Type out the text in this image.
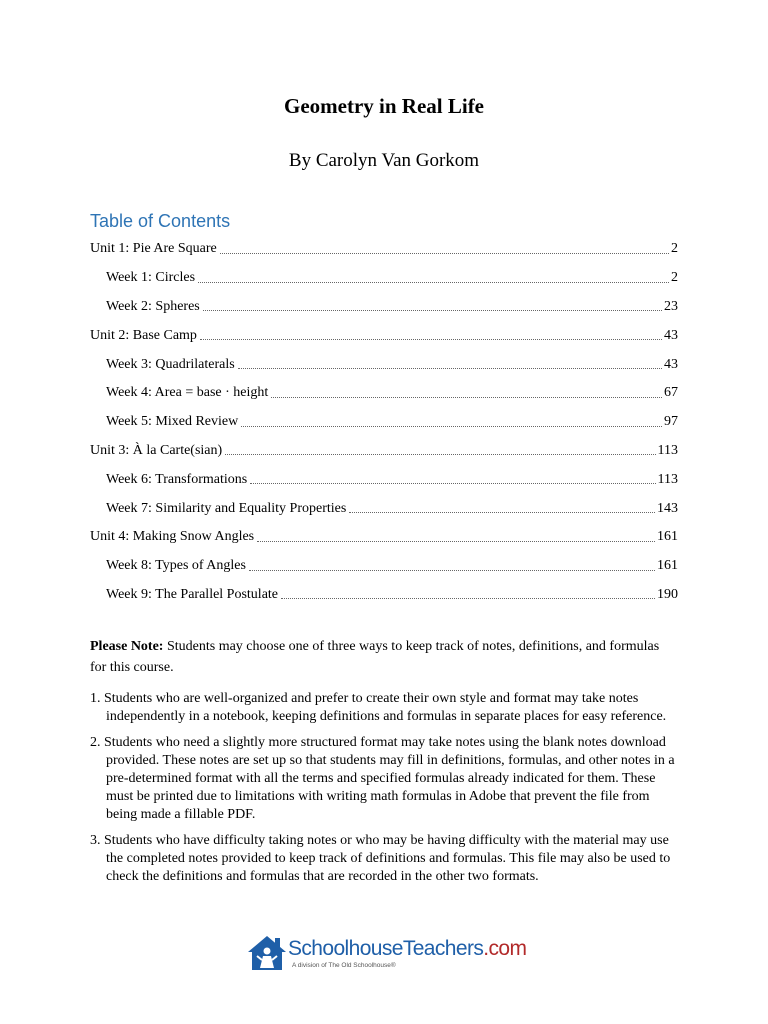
Geometry in Real Life
By Carolyn Van Gorkom
Table of Contents
Unit 1: Pie Are Square	2
Week 1: Circles	2
Week 2: Spheres	23
Unit 2: Base Camp	43
Week 3: Quadrilaterals	43
Week 4: Area = base · height	67
Week 5: Mixed Review	97
Unit 3: À la Carte(sian)	113
Week 6: Transformations	113
Week 7: Similarity and Equality Properties	143
Unit 4: Making Snow Angles	161
Week 8: Types of Angles	161
Week 9: The Parallel Postulate	190
Please Note: Students may choose one of three ways to keep track of notes, definitions, and formulas for this course.
1. Students who are well-organized and prefer to create their own style and format may take notes independently in a notebook, keeping definitions and formulas in separate places for easy reference.
2. Students who need a slightly more structured format may take notes using the blank notes download provided. These notes are set up so that students may fill in definitions, formulas, and other notes in a pre-determined format with all the terms and specified formulas already indicated for them. These must be printed due to limitations with writing math formulas in Adobe that prevent the file from being made a fillable PDF.
3. Students who have difficulty taking notes or who may be having difficulty with the material may use the completed notes provided to keep track of definitions and formulas. This file may also be used to check the definitions and formulas that are recorded in the other two formats.
SchoolhouseTeachers.com
A division of The Old Schoolhouse®
